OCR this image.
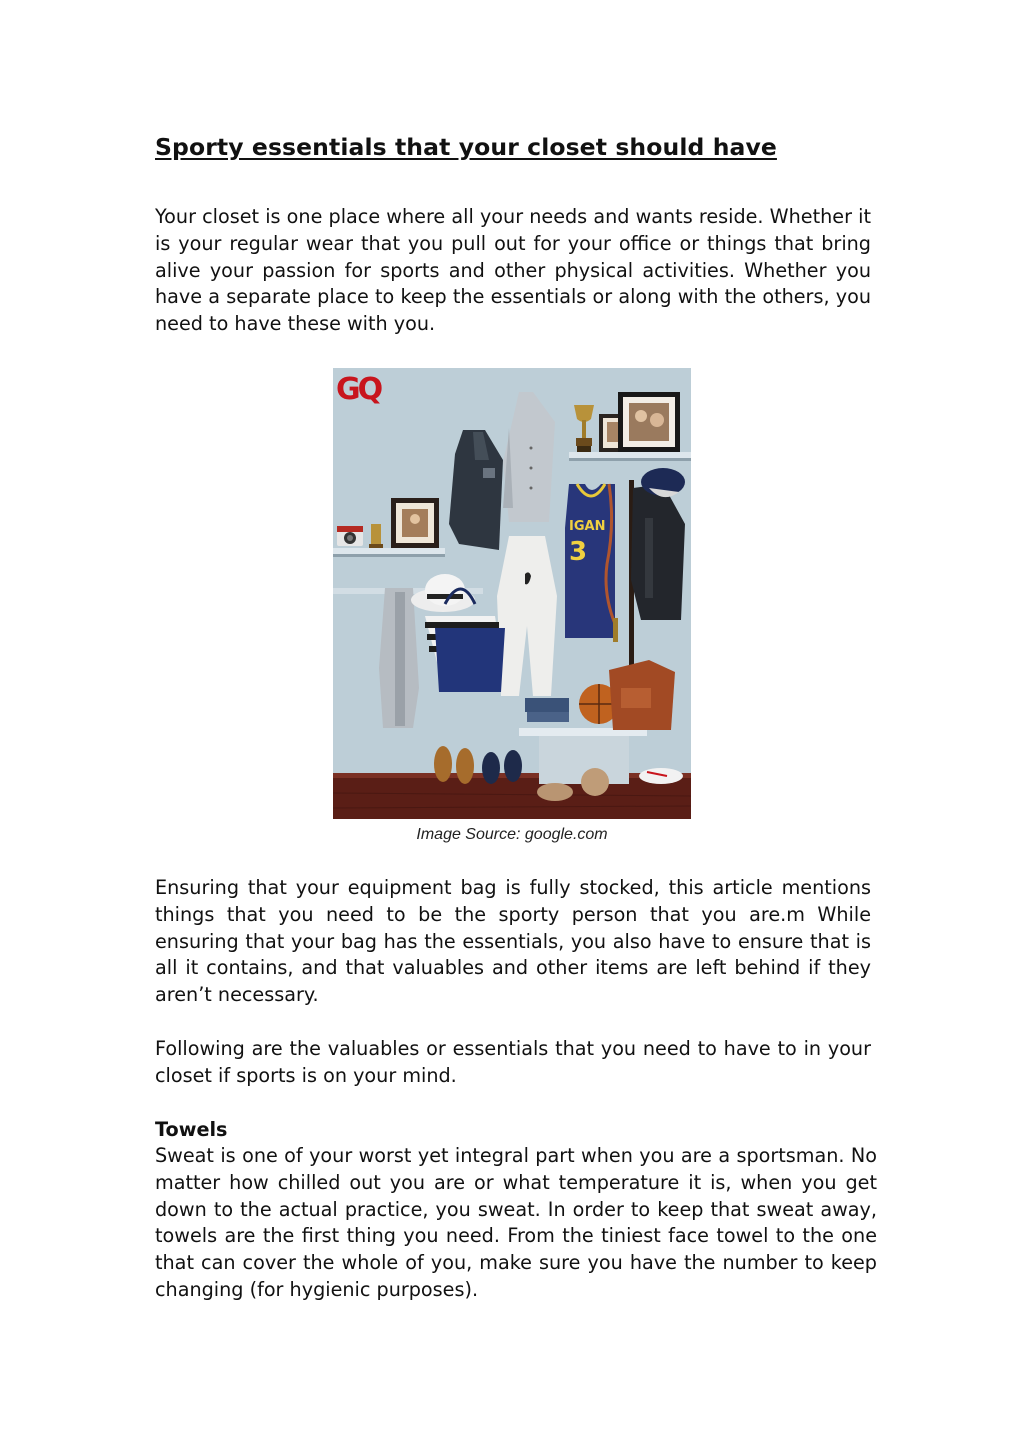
Sporty essentials that your closet should have

Your closet is one place where all your needs and wants reside. Whether it is your regular wear that you pull out for your office or things that bring alive your passion for sports and other physical activities. Whether you have a separate place to keep the essentials or along with the others, you need to have these with you.

GQ
IGAN
3

Image Source: google.com

Ensuring that your equipment bag is fully stocked, this article mentions things that you need to be the sporty person that you are.m While ensuring that your bag has the essentials, you also have to ensure that is all it contains, and that valuables and other items are left behind if they aren’t necessary.

Following are the valuables or essentials that you need to have to in your closet if sports is on your mind.

Towels

Sweat is one of your worst yet integral part when you are a sportsman. No matter how chilled out you are or what temperature it is, when you get down to the actual practice, you sweat. In order to keep that sweat away, towels are the first thing you need. From the tiniest face towel to the one that can cover the whole of you, make sure you have the number to keep changing (for hygienic purposes).
